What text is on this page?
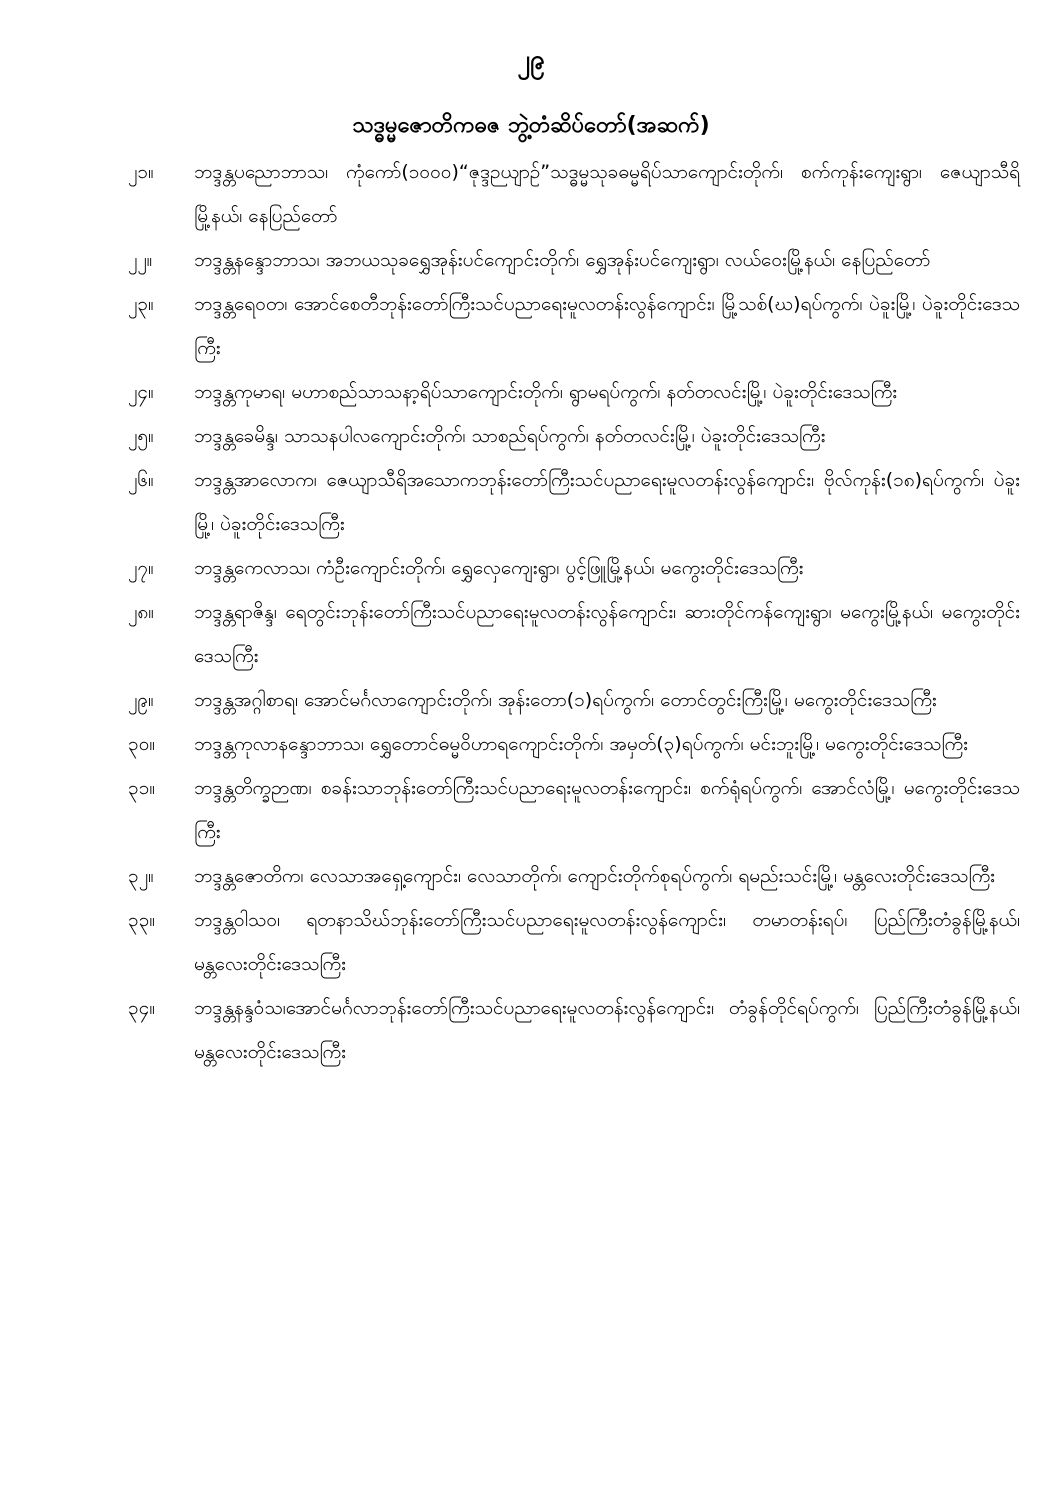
၂၉
သဒ္ဓမ္မဇောတိကဓဇ ဘွဲ့တံဆိပ်တော်(အဆက်)
၂၁။	ဘဒ္ဒန္တပညောဘာသ၊ ကုံကော်(၁၀၀၀)“ဇုဒ္ဒဉယျာဉ်”သဒ္ဓမ္မသုခဓမ္မရိပ်သာကျောင်းတိုက်၊ စက်ကုန်းကျေးရွာ၊ ဇေယျာသီရိမြို့နယ်၊ နေပြည်တော်
၂၂။	ဘဒ္ဒန္တနန္ဒောဘာသ၊ အဘယသုခရွှေအုန်းပင်ကျောင်းတိုက်၊ ရွှေအုန်းပင်ကျေးရွာ၊ လယ်ဝေးမြို့နယ်၊ နေပြည်တော်
၂၃။	ဘဒ္ဒန္တရေဝတ၊ အောင်စေတီဘုန်းတော်ကြီးသင်ပညာရေးမူလတန်းလွန်ကျောင်း၊ မြို့သစ်(ဃ)ရပ်ကွက်၊ ပဲခူးမြို့၊ ပဲခူးတိုင်းဒေသကြီး
၂၄။	ဘဒ္ဒန္တကုမာရ၊ မဟာစည်သာသနာ့ရိပ်သာကျောင်းတိုက်၊ ရွာမရပ်ကွက်၊ နတ်တလင်းမြို့၊ ပဲခူးတိုင်းဒေသကြီး
၂၅။	ဘဒ္ဒန္တခေမိန္ဒ၊ သာသနပါလကျောင်းတိုက်၊ သာစည်ရပ်ကွက်၊ နတ်တလင်းမြို့၊ ပဲခူးတိုင်းဒေသကြီး
၂၆။	ဘဒ္ဒန္တအာလောက၊ ဇေယျာသီရိအသောကဘုန်းတော်ကြီးသင်ပညာရေးမူလတန်းလွန်ကျောင်း၊ ဗိုလ်ကုန်း(၁၈)ရပ်ကွက်၊ ပဲခူးမြို့၊ ပဲခူးတိုင်းဒေသကြီး
၂၇။	ဘဒ္ဒန္တကေလာသ၊ ကံဦးကျောင်းတိုက်၊ ရွှေလှေကျေးရွာ၊ ပွင့်ဖြူမြို့နယ်၊ မကွေးတိုင်းဒေသကြီး
၂၈။	ဘဒ္ဒန္တရာဇိန္ဒ၊ ရေတွင်းဘုန်းတော်ကြီးသင်ပညာရေးမူလတန်းလွန်ကျောင်း၊ ဆားတိုင်ကန်ကျေးရွာ၊ မကွေးမြို့နယ်၊ မကွေးတိုင်းဒေသကြီး
၂၉။	ဘဒ္ဒန္တအဂ္ဂါစာရ၊ အောင်မင်္ဂလာကျောင်းတိုက်၊ အုန်းတော(၁)ရပ်ကွက်၊ တောင်တွင်းကြီးမြို့၊ မကွေးတိုင်းဒေသကြီး
၃၀။	ဘဒ္ဒန္တကုလာနန္ဒောဘာသ၊ ရွှေတောင်ဓမ္မဝိဟာရကျောင်းတိုက်၊ အမှတ်(၃)ရပ်ကွက်၊ မင်းဘူးမြို့၊ မကွေးတိုင်းဒေသကြီး
၃၁။	ဘဒ္ဒန္တတိက္ခဉာဏ၊ စခန်းသာဘုန်းတော်ကြီးသင်ပညာရေးမူလတန်းကျောင်း၊ စက်ရုံရပ်ကွက်၊ အောင်လံမြို့၊ မကွေးတိုင်းဒေသကြီး
၃၂။	ဘဒ္ဒန္တဇောတိက၊ လေသာအရှေ့ကျောင်း၊ လေသာတိုက်၊ ကျောင်းတိုက်စုရပ်ကွက်၊ ရမည်းသင်းမြို့၊ မန္တလေးတိုင်းဒေသကြီး
၃၃။	ဘဒ္ဒန္တဝါသဝ၊ ရတနာသိဃ်ဘုန်းတော်ကြီးသင်ပညာရေးမူလတန်းလွန်ကျောင်း၊ တမာတန်းရပ်၊ ပြည်ကြီးတံခွန်မြို့နယ်၊ မန္တလေးတိုင်းဒေသကြီး
၃၄။	ဘဒ္ဒန္တနန္ဒဝံသ၊အောင်မင်္ဂလာဘုန်းတော်ကြီးသင်ပညာရေးမူလတန်းလွန်ကျောင်း၊ တံခွန်တိုင်ရပ်ကွက်၊ ပြည်ကြီးတံခွန်မြို့နယ်၊ မန္တလေးတိုင်းဒေသကြီး
